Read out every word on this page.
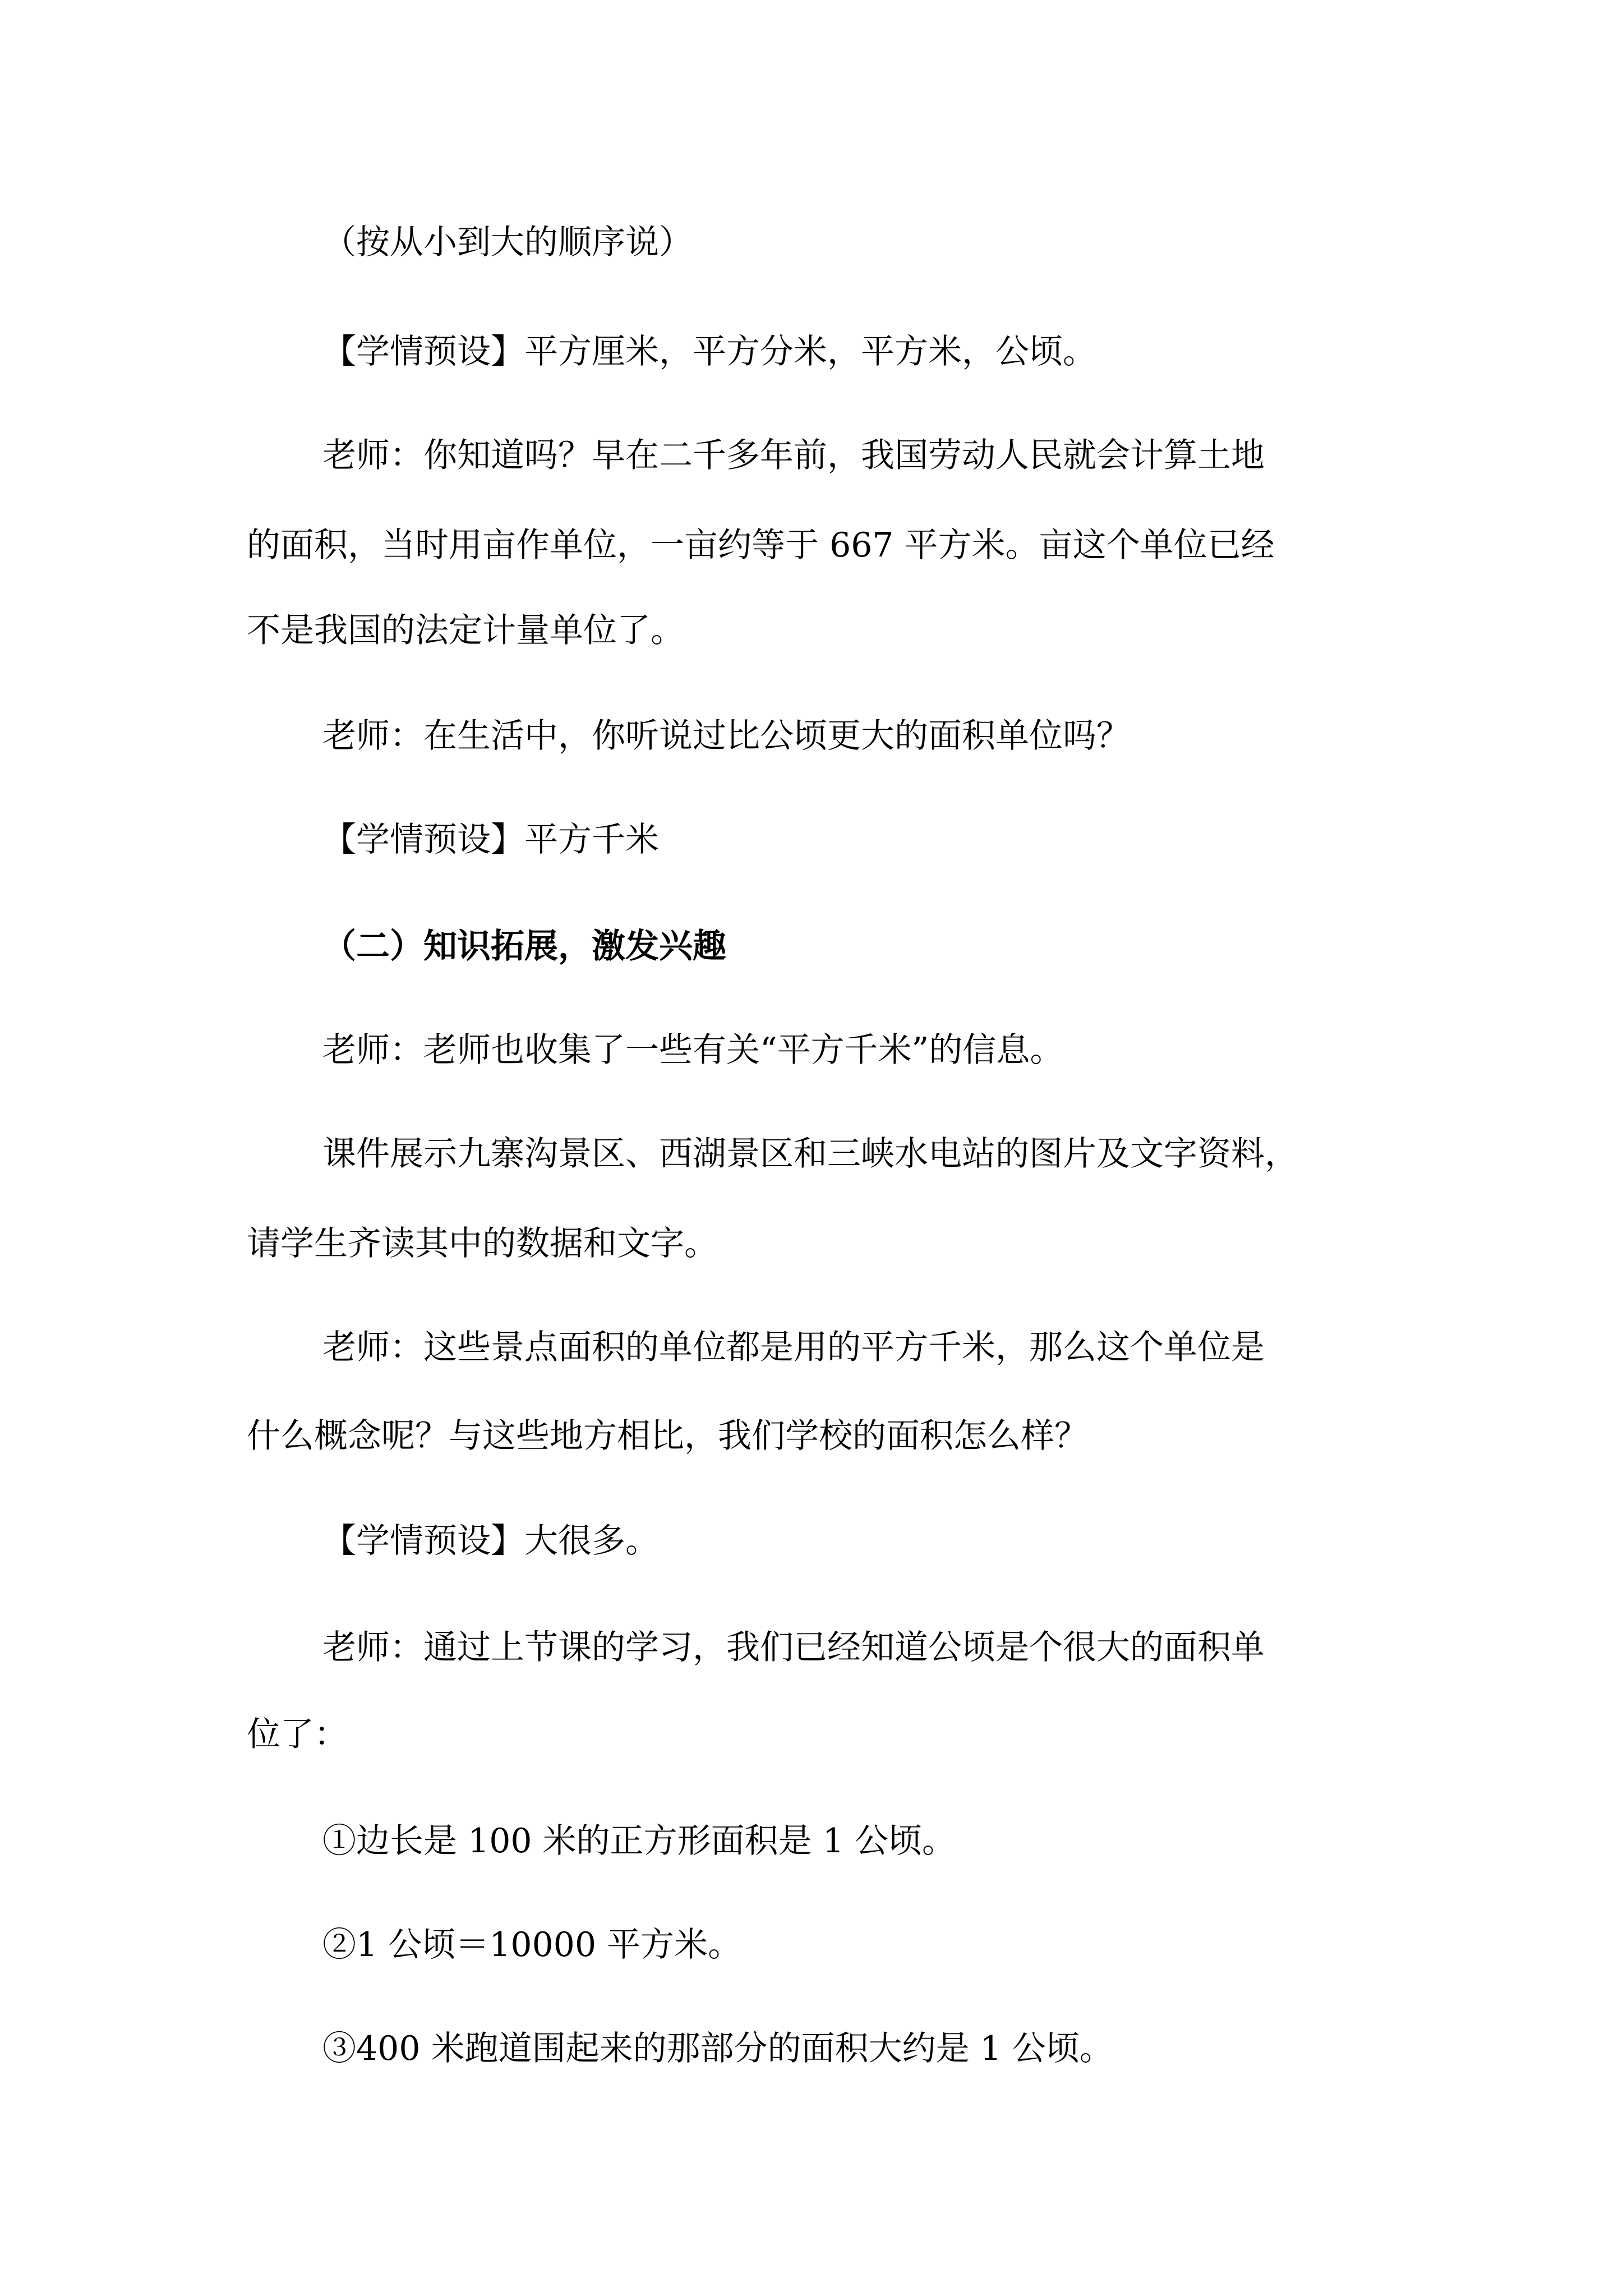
（按从小到大的顺序说）

【学情预设】平方厘米，平方分米，平方米，公顷。

老师：你知道吗？早在二千多年前，我国劳动人民就会计算土地

的面积，当时用亩作单位，一亩约等于 667 平方米。亩这个单位已经

不是我国的法定计量单位了。

老师：在生活中，你听说过比公顷更大的面积单位吗？

【学情预设】平方千米

（二）知识拓展，激发兴趣

老师：老师也收集了一些有关“平方千米”的信息。

课件展示九寨沟景区、西湖景区和三峡水电站的图片及文字资料，

请学生齐读其中的数据和文字。

老师：这些景点面积的单位都是用的平方千米，那么这个单位是

什么概念呢？与这些地方相比，我们学校的面积怎么样？

【学情预设】大很多。

老师：通过上节课的学习，我们已经知道公顷是个很大的面积单

位了：

①边长是 100 米的正方形面积是 1 公顷。

②1 公顷＝10000 平方米。

③400 米跑道围起来的那部分的面积大约是 1 公顷。
